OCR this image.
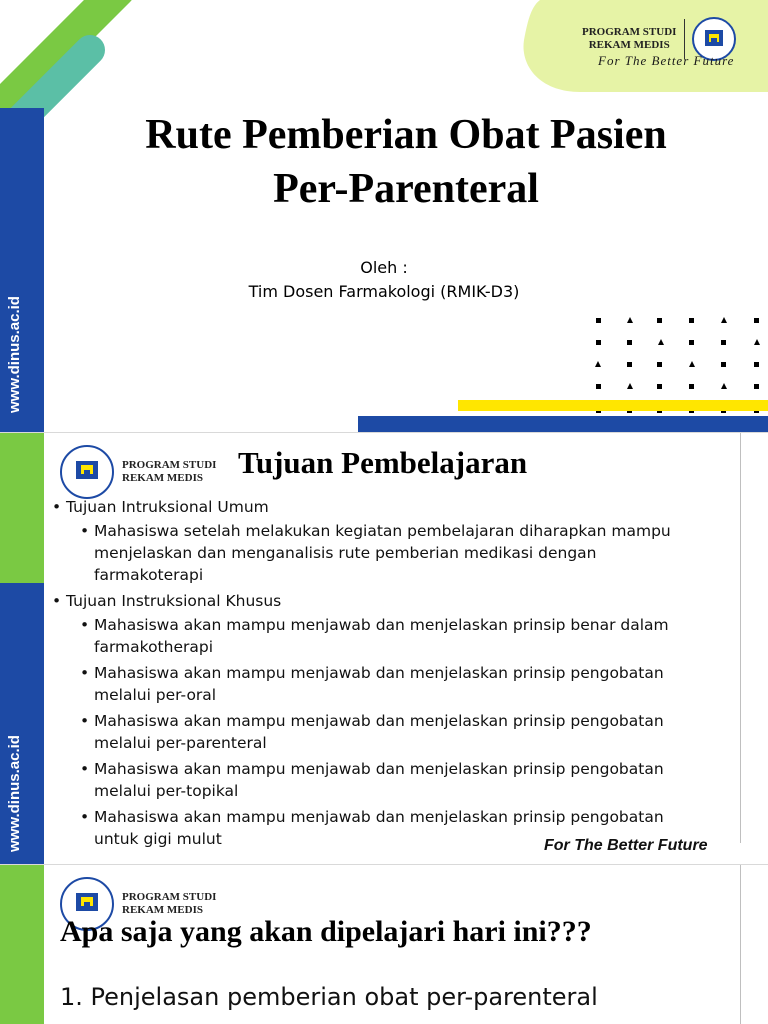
www.dinus.ac.id
PROGRAM STUDI
REKAM MEDIS
For The Better Future
Rute Pemberian Obat Pasien
Per-Parenteral
Oleh :
Tim Dosen Farmakologi (RMIK-D3)
www.dinus.ac.id
PROGRAM STUDI
REKAM MEDIS	Tujuan Pembelajaran
• Tujuan Intruksional Umum
• Mahasiswa setelah melakukan kegiatan pembelajaran diharapkan mampu menjelaskan dan menganalisis rute pemberian medikasi dengan farmakoterapi
• Tujuan Instruksional Khusus
• Mahasiswa akan mampu menjawab dan menjelaskan prinsip benar dalam farmakotherapi
• Mahasiswa akan mampu menjawab dan menjelaskan prinsip pengobatan melalui per-oral
• Mahasiswa akan mampu menjawab dan menjelaskan prinsip pengobatan melalui per-parenteral
• Mahasiswa akan mampu menjawab dan menjelaskan prinsip pengobatan melalui per-topikal
• Mahasiswa akan mampu menjawab dan menjelaskan prinsip pengobatan untuk gigi mulut	For The Better Future
PROGRAM STUDI
REKAM MEDIS
Apa saja yang akan dipelajari hari ini???
1. Penjelasan pemberian obat per-parenteral
